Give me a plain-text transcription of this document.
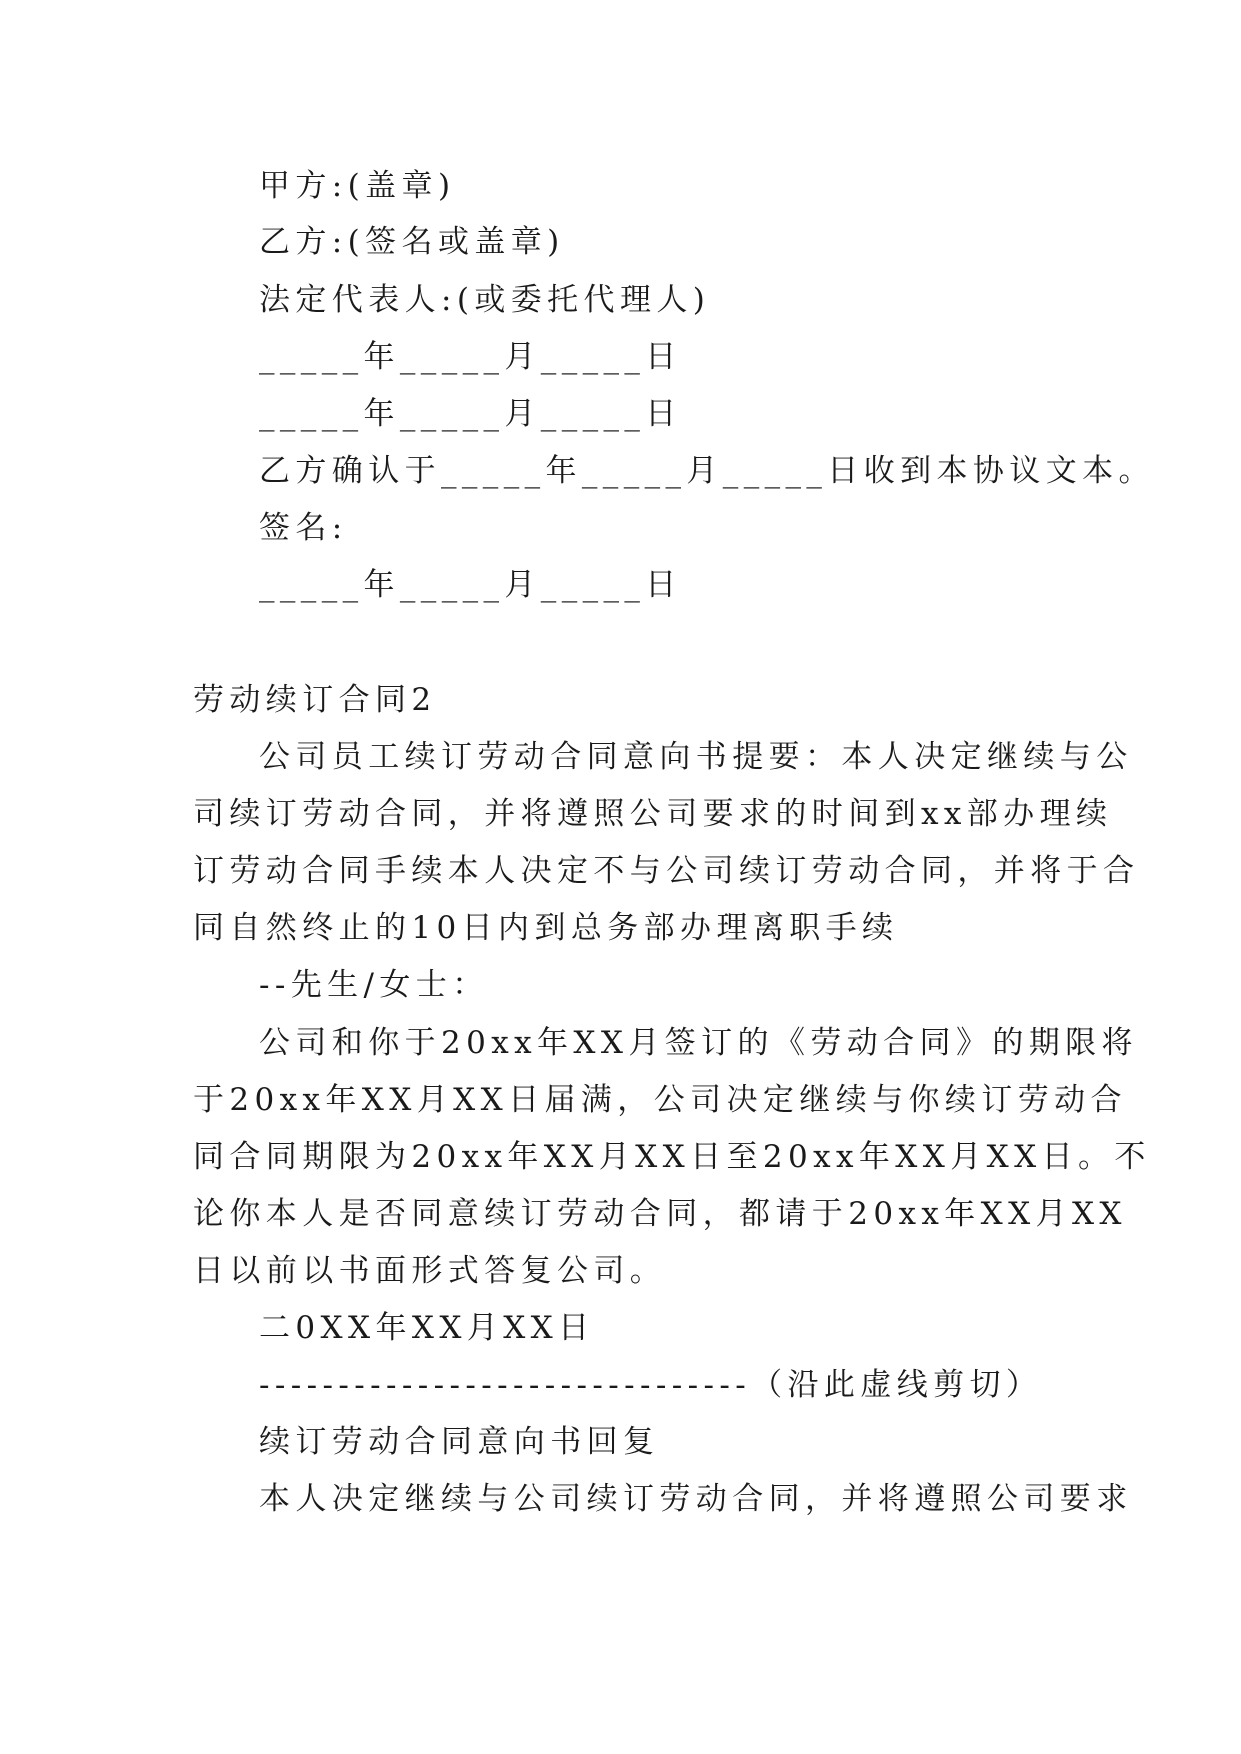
甲方:(盖章)
乙方:(签名或盖章)
法定代表人:(或委托代理人)
_____年_____月_____日
_____年_____月_____日
乙方确认于_____年_____月_____日收到本协议文本。
签名:
_____年_____月_____日
劳动续订合同2
公司员工续订劳动合同意向书提要：本人决定继续与公
司续订劳动合同，并将遵照公司要求的时间到xx部办理续
订劳动合同手续本人决定不与公司续订劳动合同，并将于合
同自然终止的10日内到总务部办理离职手续
--先生/女士：
公司和你于20xx年XX月签订的《劳动合同》的期限将
于20xx年XX月XX日届满，公司决定继续与你续订劳动合
同合同期限为20xx年XX月XX日至20xx年XX月XX日。不
论你本人是否同意续订劳动合同，都请于20xx年XX月XX
日以前以书面形式答复公司。
二0XX年XX月XX日
-------------------------------（沿此虚线剪切）
续订劳动合同意向书回复
本人决定继续与公司续订劳动合同，并将遵照公司要求
